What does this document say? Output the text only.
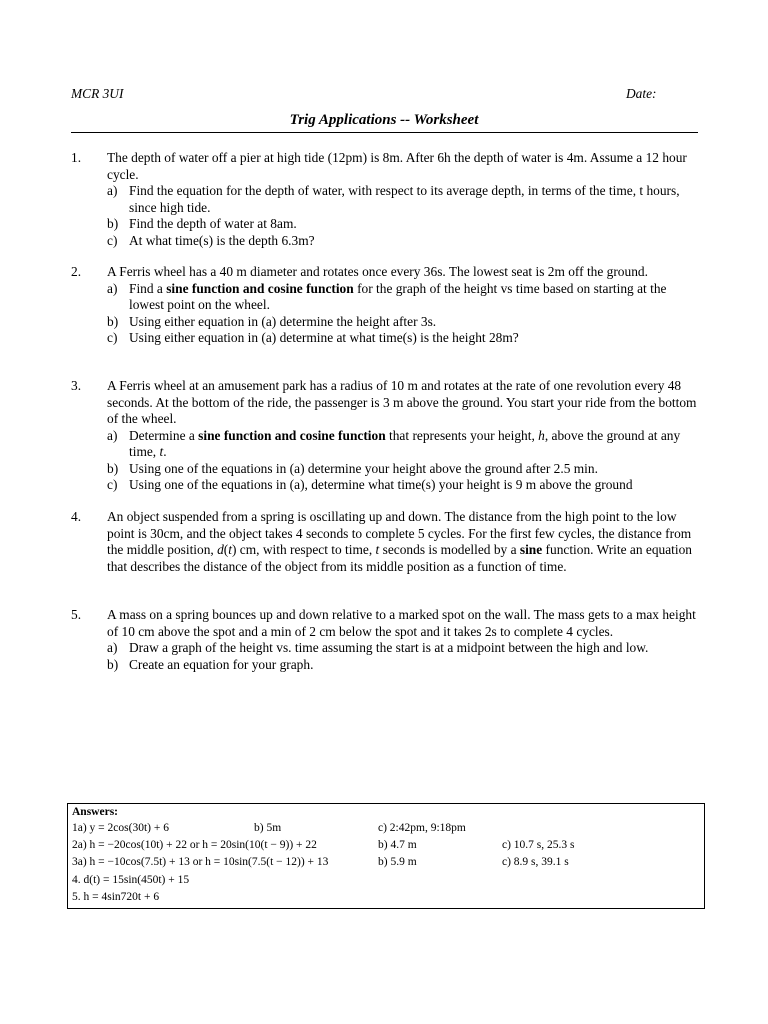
MCR 3UI	Date:
Trig Applications -- Worksheet
1. The depth of water off a pier at high tide (12pm) is 8m. After 6h the depth of water is 4m. Assume a 12 hour cycle.
a) Find the equation for the depth of water, with respect to its average depth, in terms of the time, t hours, since high tide.
b) Find the depth of water at 8am.
c) At what time(s) is the depth 6.3m?
2. A Ferris wheel has a 40 m diameter and rotates once every 36s. The lowest seat is 2m off the ground.
a) Find a sine function and cosine function for the graph of the height vs time based on starting at the lowest point on the wheel.
b) Using either equation in (a) determine the height after 3s.
c) Using either equation in (a) determine at what time(s) is the height 28m?
3. A Ferris wheel at an amusement park has a radius of 10 m and rotates at the rate of one revolution every 48 seconds. At the bottom of the ride, the passenger is 3 m above the ground. You start your ride from the bottom of the wheel.
a) Determine a sine function and cosine function that represents your height, h, above the ground at any time, t.
b) Using one of the equations in (a) determine your height above the ground after 2.5 min.
c) Using one of the equations in (a), determine what time(s) your height is 9 m above the ground
4. An object suspended from a spring is oscillating up and down. The distance from the high point to the low point is 30cm, and the object takes 4 seconds to complete 5 cycles. For the first few cycles, the distance from the middle position, d(t) cm, with respect to time, t seconds is modelled by a sine function. Write an equation that describes the distance of the object from its middle position as a function of time.
5. A mass on a spring bounces up and down relative to a marked spot on the wall. The mass gets to a max height of 10 cm above the spot and a min of 2 cm below the spot and it takes 2s to complete 4 cycles.
a) Draw a graph of the height vs. time assuming the start is at a midpoint between the high and low.
b) Create an equation for your graph.
Answers:
1a) y = 2cos(30t) + 6	b) 5m	c) 2:42pm, 9:18pm
2a) h = −20cos(10t) + 22 or h = 20sin(10(t − 9)) + 22	b) 4.7 m	c) 10.7 s, 25.3 s
3a) h = −10cos(7.5t) + 13 or h = 10sin(7.5(t − 12)) + 13	b) 5.9 m	c) 8.9 s, 39.1 s
4. d(t) = 15sin(450t) + 15
5. h = 4sin720t + 6
